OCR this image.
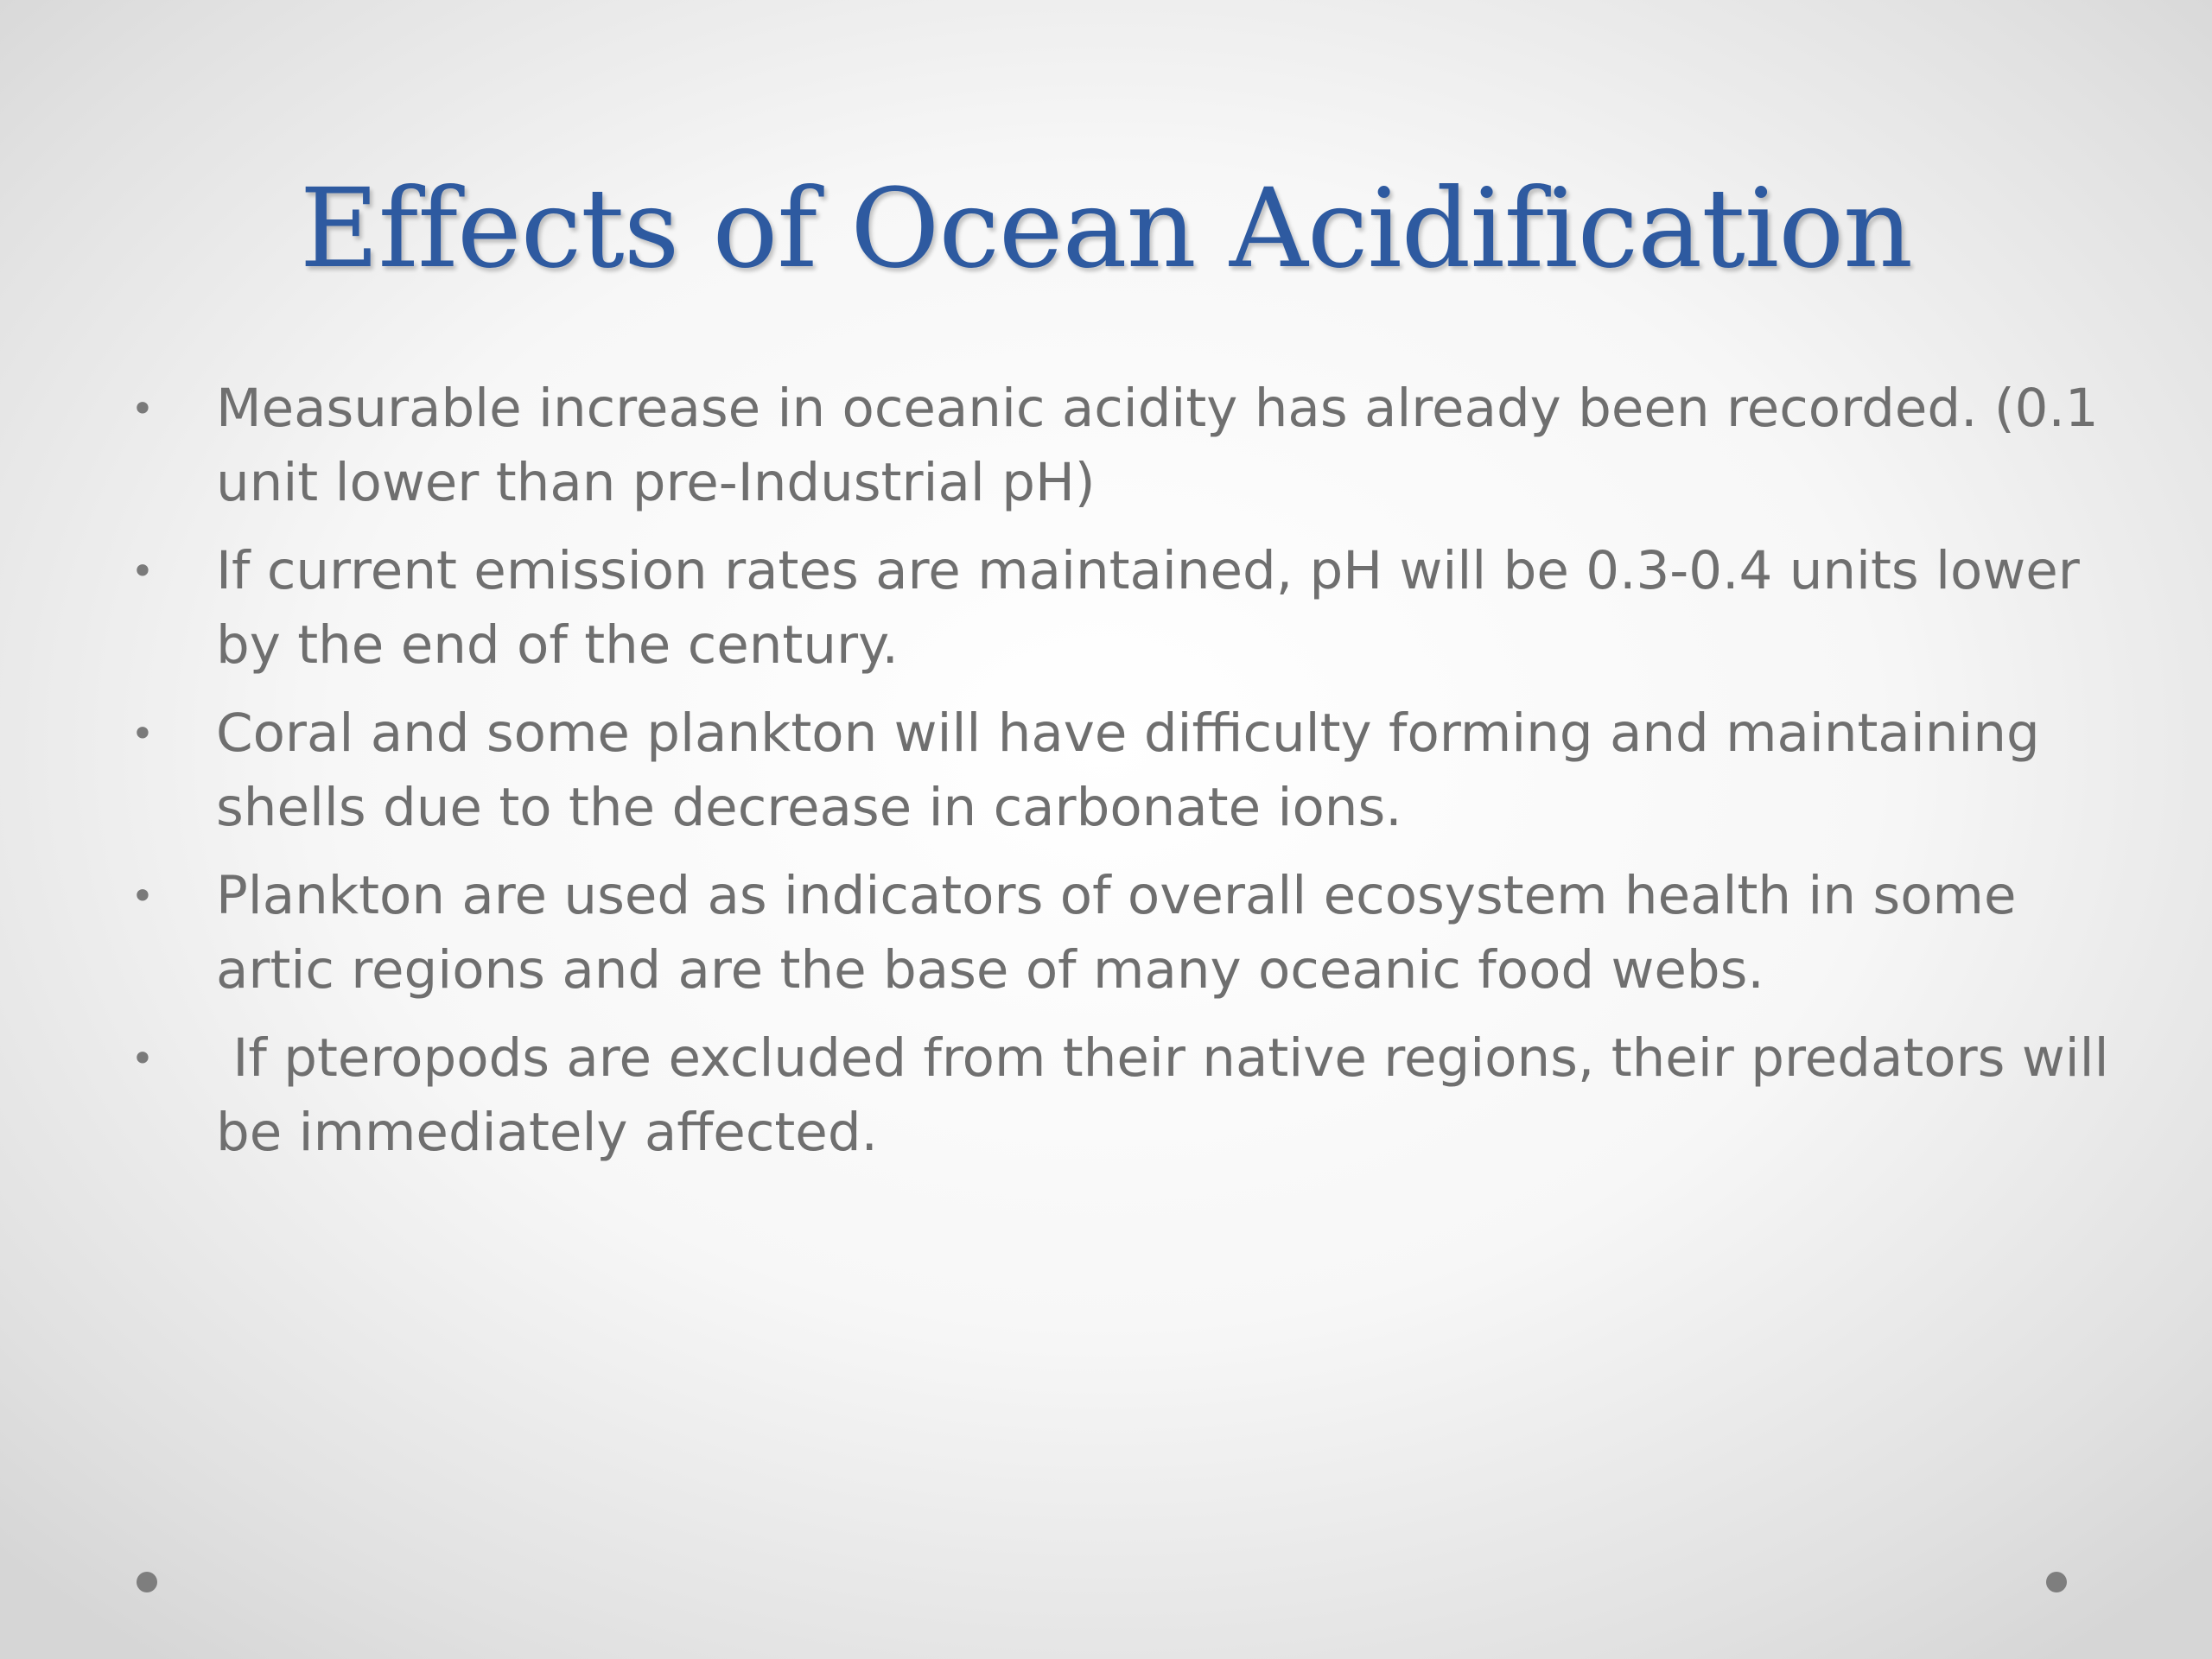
Effects of Ocean Acidification
• Measurable increase in oceanic acidity has already been recorded. (0.1 unit lower than pre-Industrial pH)
• If current emission rates are maintained, pH will be 0.3-0.4 units lower by the end of the century.
• Coral and some plankton will have difficulty forming and maintaining shells due to the decrease in carbonate ions.
• Plankton are used as indicators of overall ecosystem health in some artic regions and are the base of many oceanic food webs.
• If pteropods are excluded from their native regions, their predators will be immediately affected.
